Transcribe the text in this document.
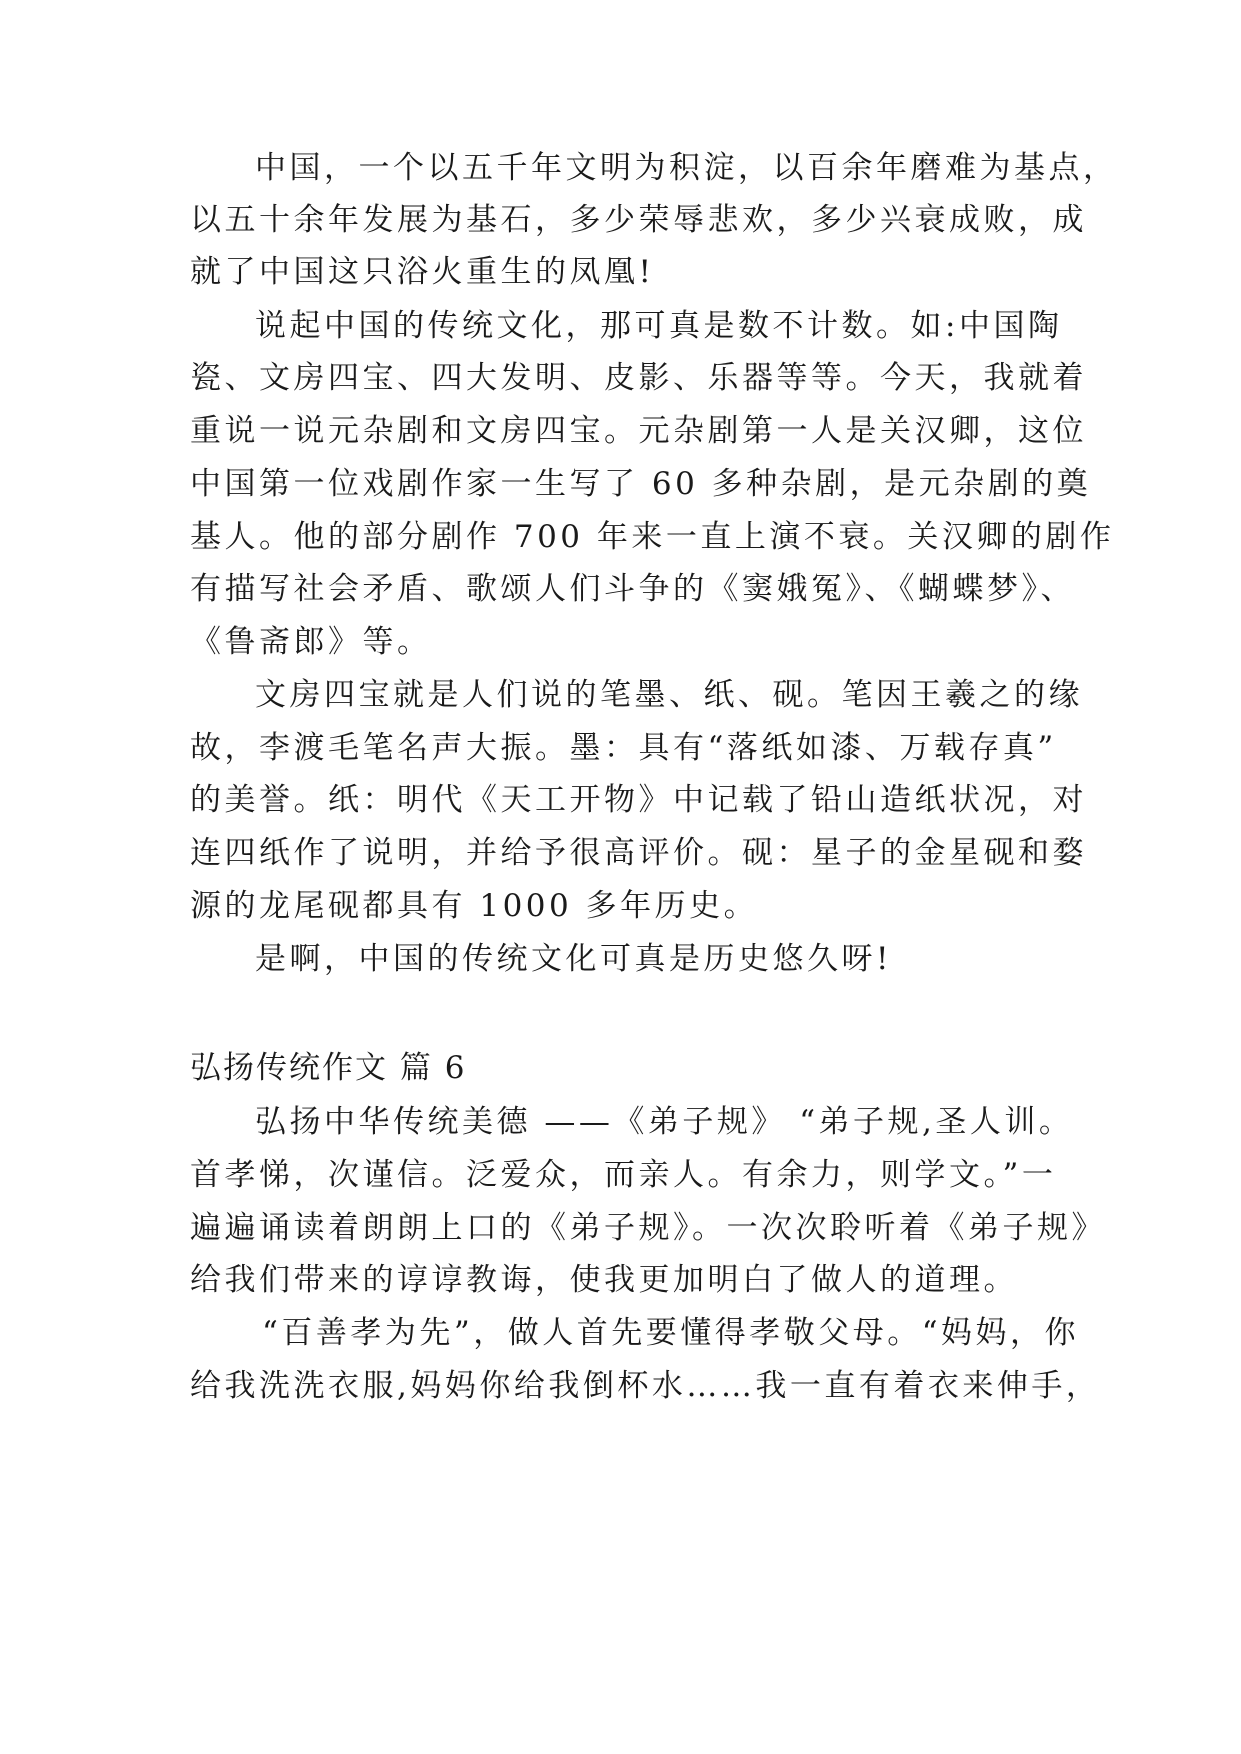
中国，一个以五千年文明为积淀，以百余年磨难为基点，
以五十余年发展为基石，多少荣辱悲欢，多少兴衰成败，成
就了中国这只浴火重生的凤凰!
说起中国的传统文化，那可真是数不计数。如:中国陶
瓷、文房四宝、四大发明、皮影、乐器等等。今天，我就着
重说一说元杂剧和文房四宝。元杂剧第一人是关汉卿，这位
中国第一位戏剧作家一生写了 60 多种杂剧，是元杂剧的奠
基人。他的部分剧作 700 年来一直上演不衰。关汉卿的剧作
有描写社会矛盾、歌颂人们斗争的《窦娥冤》、《蝴蝶梦》、
《鲁斋郎》等。
文房四宝就是人们说的笔墨、纸、砚。笔因王羲之的缘
故，李渡毛笔名声大振。墨：具有“落纸如漆、万载存真”
的美誉。纸：明代《天工开物》中记载了铅山造纸状况，对
连四纸作了说明，并给予很高评价。砚：星子的金星砚和婺
源的龙尾砚都具有 1000 多年历史。
是啊，中国的传统文化可真是历史悠久呀!
弘扬传统作文 篇 6
弘扬中华传统美德 ——《弟子规》 “弟子规,圣人训。
首孝悌，次谨信。泛爱众，而亲人。有余力，则学文。”一
遍遍诵读着朗朗上口的《弟子规》。一次次聆听着《弟子规》
给我们带来的谆谆教诲，使我更加明白了做人的道理。
“百善孝为先”，做人首先要懂得孝敬父母。“妈妈，你
给我洗洗衣服,妈妈你给我倒杯水……我一直有着衣来伸手，
